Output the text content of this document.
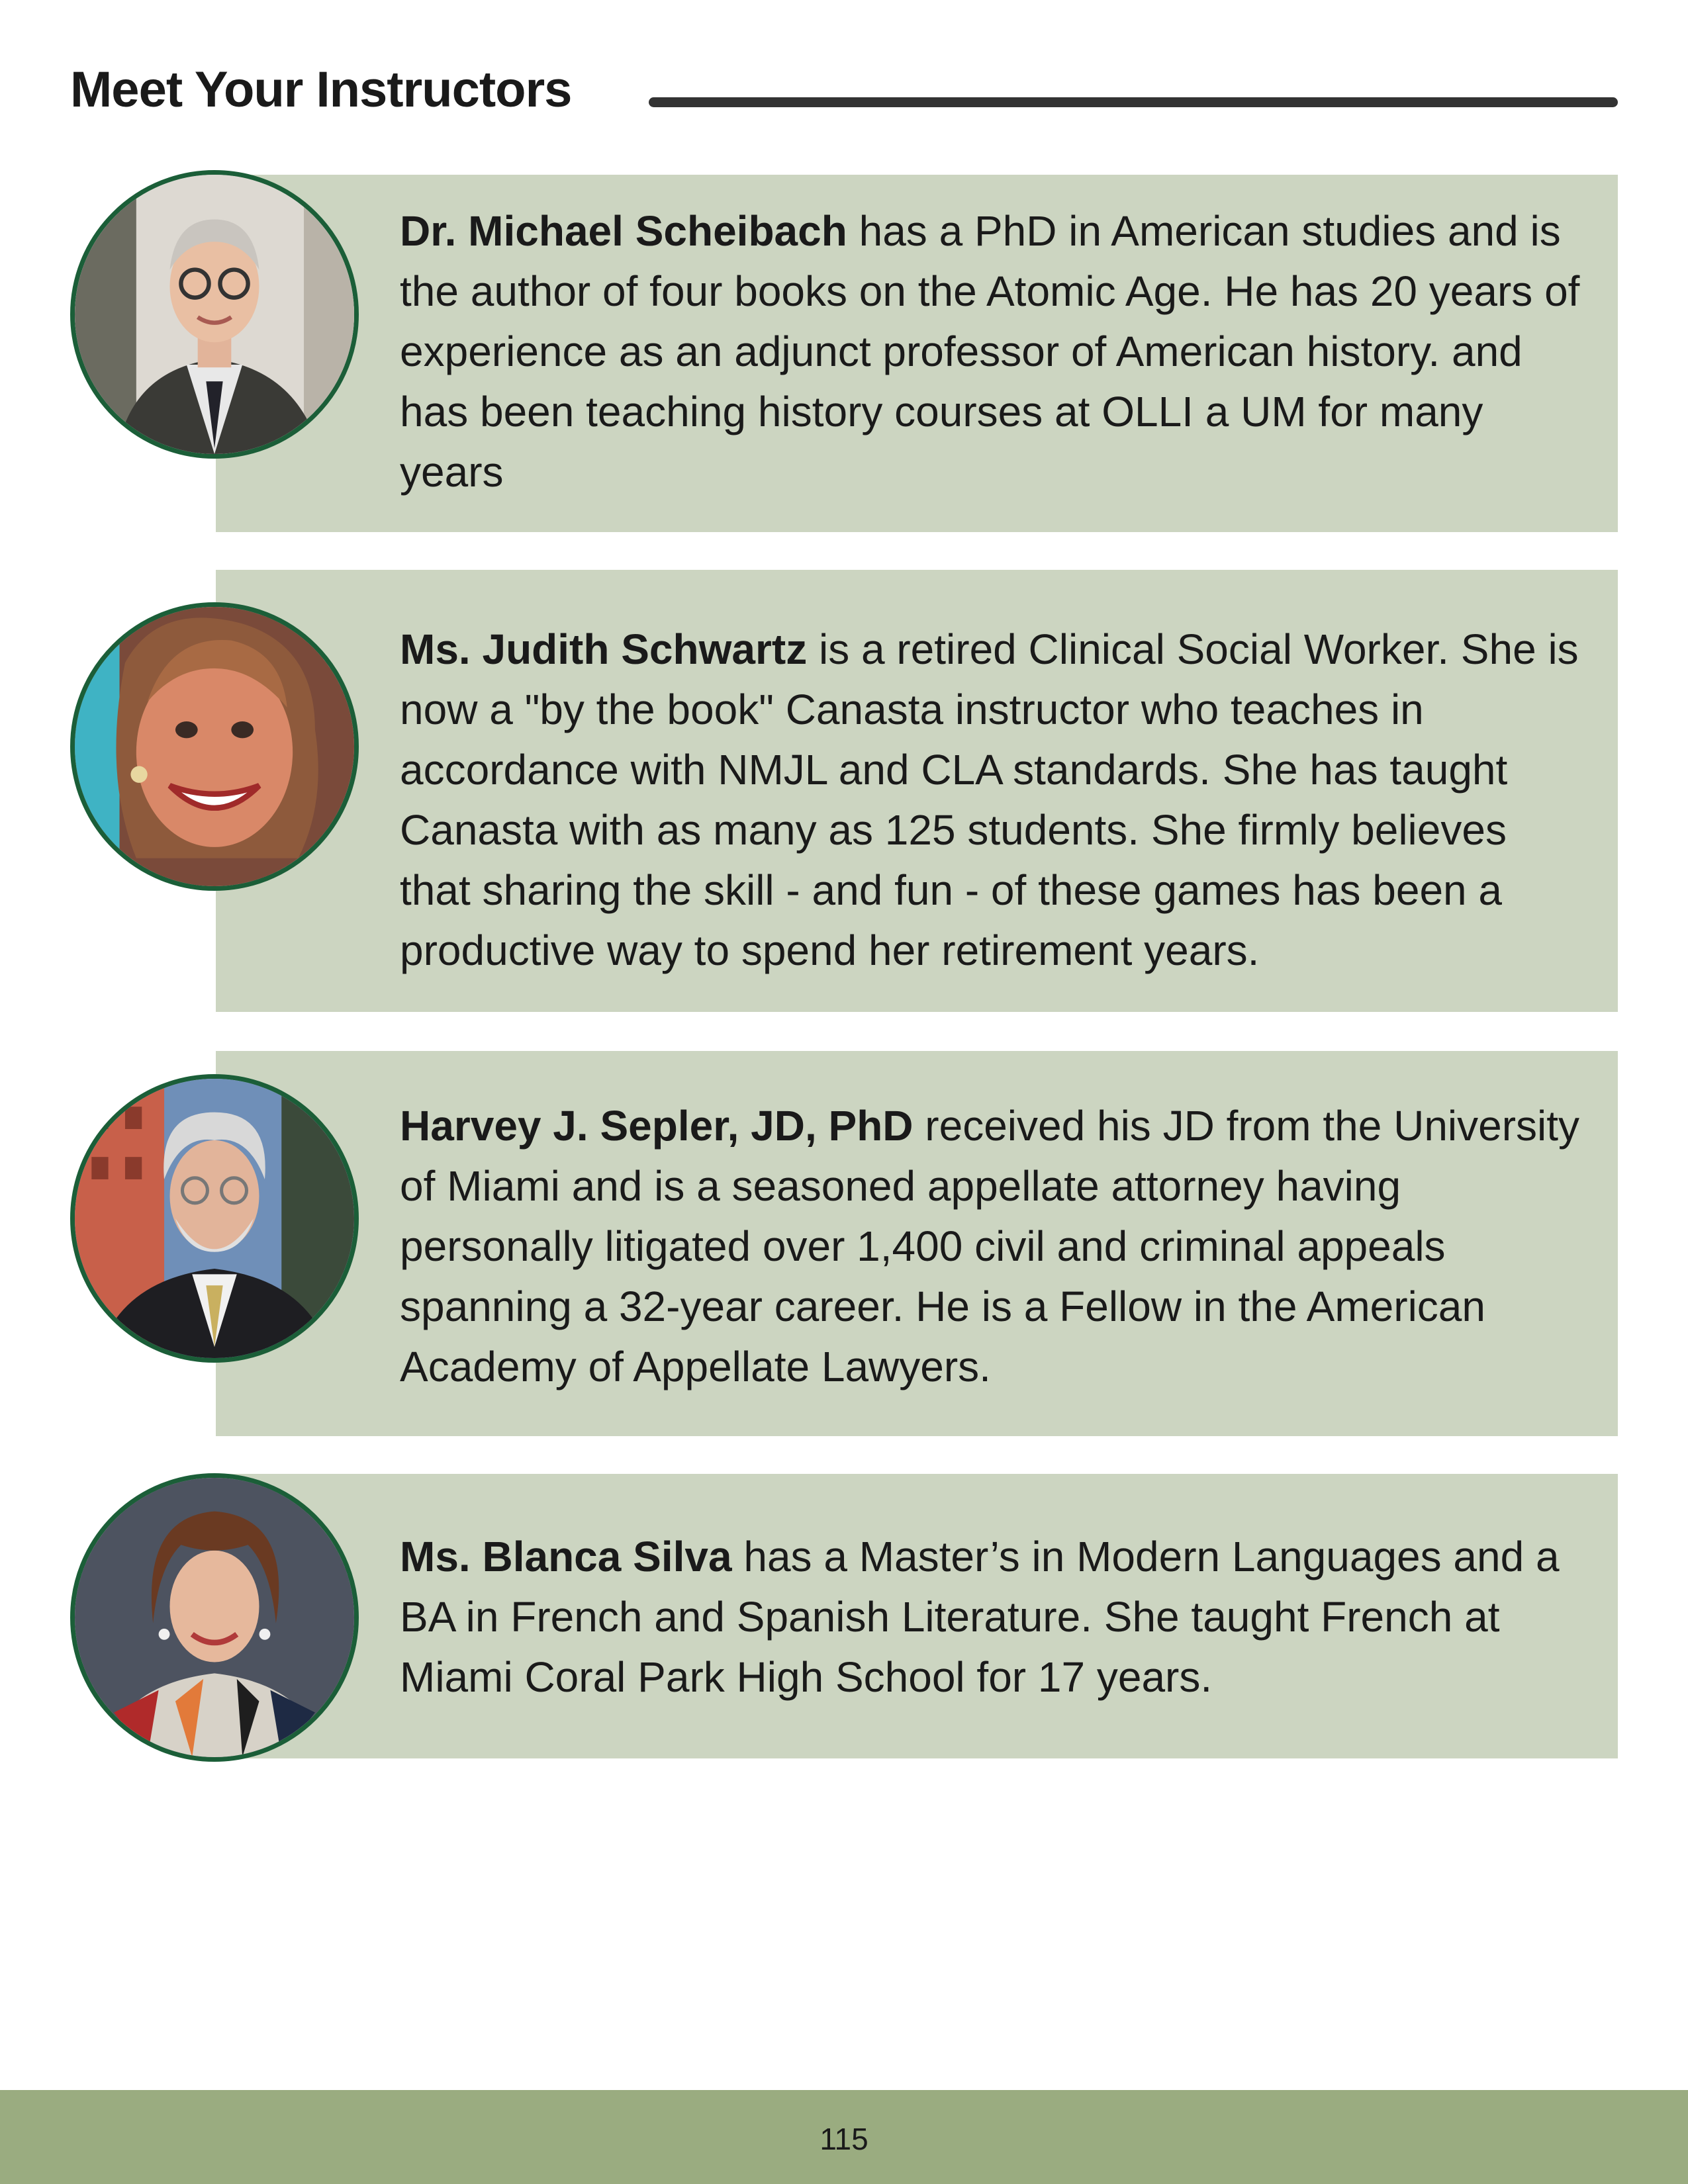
Meet Your Instructors

Dr. Michael Scheibach has a PhD in American studies and is the author of four books on the Atomic Age. He has 20 years of experience as an adjunct professor of American history. and has been teaching history courses at OLLI a UM for many years

Ms. Judith Schwartz is a retired Clinical Social Worker. She is now a "by the book" Canasta instructor who teaches in accordance with NMJL and CLA standards. She has taught Canasta with as many as 125 students. She firmly believes that sharing the skill - and fun - of these games has been a productive way to spend her retirement years.

Harvey J. Sepler, JD, PhD received his JD from the University of Miami and is a seasoned appellate attorney having personally litigated over 1,400 civil and criminal appeals spanning a 32-year career. He is a Fellow in the American Academy of Appellate Lawyers.

Ms. Blanca Silva has a Master’s in Modern Languages and a BA in French and Spanish Literature. She taught French at Miami Coral Park High School for 17 years.

115
